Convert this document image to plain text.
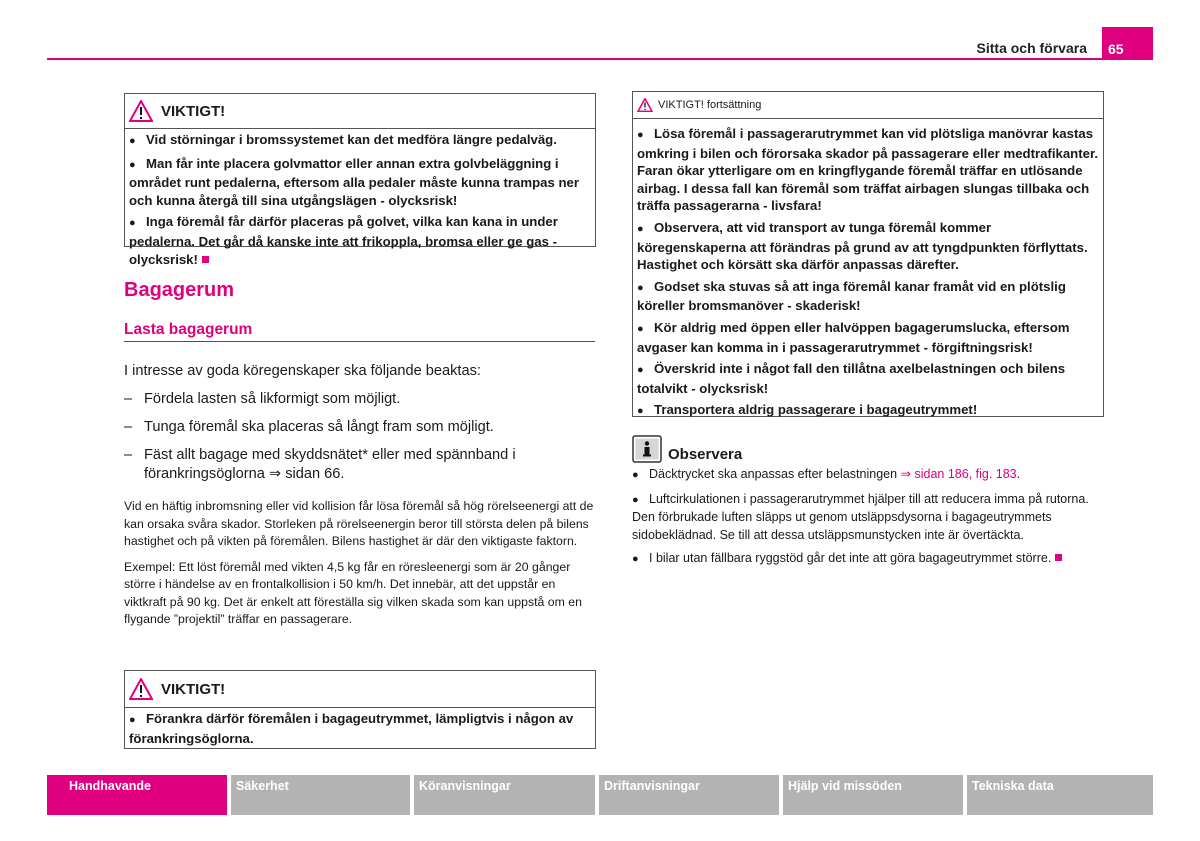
Sitta och förvara	65
VIKTIGT!

● Vid störningar i bromssystemet kan det medföra längre pedalväg.

● Man får inte placera golvmattor eller annan extra golvbeläggning i området runt pedalerna, eftersom alla pedaler måste kunna trampas ner och kunna återgå till sina utgångslägen - olycksrisk!

● Inga föremål får därför placeras på golvet, vilka kan kana in under pedalerna. Det går då kanske inte att frikoppla, bromsa eller ge gas - olycksrisk!

Bagagerum
Lasta bagagerum

I intresse av goda köregenskaper ska följande beaktas:

– Fördela lasten så likformigt som möjligt.

– Tunga föremål ska placeras så långt fram som möjligt.

– Fäst allt bagage med skyddsnätet* eller med spännband i förankringsöglorna ⇒ sidan 66.

Vid en häftig inbromsning eller vid kollision får lösa föremål så hög rörelseenergi att de kan orsaka svåra skador. Storleken på rörelseenergin beror till största delen på bilens hastighet och på vikten på föremålen. Bilens hastighet är där den viktigaste faktorn.

Exempel: Ett löst föremål med vikten 4,5 kg får en röresleenergi som är 20 gånger större i händelse av en frontalkollision i 50 km/h. Det innebär, att det uppstår en viktkraft på 90 kg. Det är enkelt att föreställa sig vilken skada som kan uppstå om en flygande ”projektil” träffar en passagerare.

VIKTIGT!

● Förankra därför föremålen i bagageutrymmet, lämpligtvis i någon av förankringsöglorna.

VIKTIGT! fortsättning

● Lösa föremål i passagerarutrymmet kan vid plötsliga manövrar kastas omkring i bilen och förorsaka skador på passagerare eller medtrafikanter. Faran ökar ytterligare om en kringflygande föremål träffar en utlösande airbag. I dessa fall kan föremål som träffat airbagen slungas tillbaka och träffa passagerarna - livsfara!

● Observera, att vid transport av tunga föremål kommer köregenskaperna att förändras på grund av att tyngdpunkten förflyttats. Hastighet och körsätt ska därför anpassas därefter.

● Godset ska stuvas så att inga föremål kanar framåt vid en plötslig köreller bromsmanöver - skaderisk!

● Kör aldrig med öppen eller halvöppen bagagerumslucka, eftersom avgaser kan komma in i passagerarutrymmet - förgiftningsrisk!

● Överskrid inte i något fall den tillåtna axelbelastningen och bilens totalvikt - olycksrisk!

● Transportera aldrig passagerare i bagageutrymmet!

Observera

● Däcktrycket ska anpassas efter belastningen ⇒ sidan 186, fig. 183.

● Luftcirkulationen i passagerarutrymmet hjälper till att reducera imma på rutorna. Den förbrukade luften släpps ut genom utsläppsdysorna i bagageutrymmets sidobeklädnad. Se till att dessa utsläppsmunstycken inte är övertäckta.

● I bilar utan fällbara ryggstöd går det inte att göra bagageutrymmet större.

Handhavande	Säkerhet	Köranvisningar	Driftanvisningar	Hjälp vid missöden	Tekniska data
